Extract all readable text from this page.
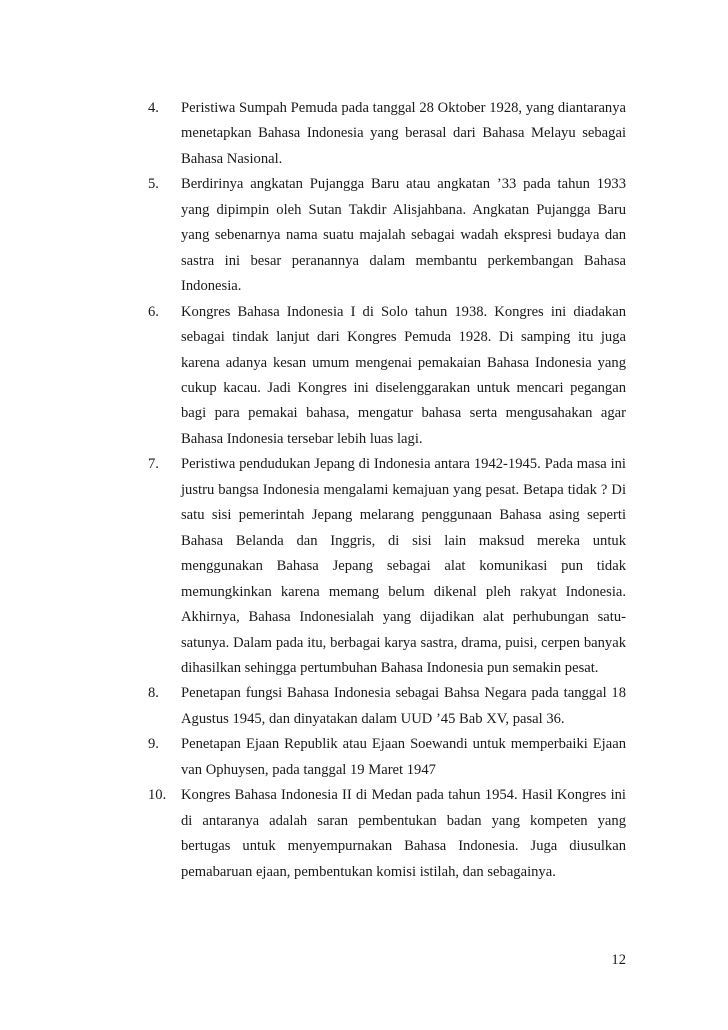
4. Peristiwa Sumpah Pemuda pada tanggal 28 Oktober 1928, yang diantaranya menetapkan Bahasa Indonesia yang berasal dari Bahasa Melayu sebagai Bahasa Nasional.
5. Berdirinya angkatan Pujangga Baru atau angkatan ’33 pada tahun 1933 yang dipimpin oleh Sutan Takdir Alisjahbana. Angkatan Pujangga Baru yang sebenarnya nama suatu majalah sebagai wadah ekspresi budaya dan sastra ini besar peranannya dalam membantu perkembangan Bahasa Indonesia.
6. Kongres Bahasa Indonesia I di Solo tahun 1938. Kongres ini diadakan sebagai tindak lanjut dari Kongres Pemuda 1928. Di samping itu juga karena adanya kesan umum mengenai pemakaian Bahasa Indonesia yang cukup kacau. Jadi Kongres ini diselenggarakan untuk mencari pegangan bagi para pemakai bahasa, mengatur bahasa serta mengusahakan agar Bahasa Indonesia tersebar lebih luas lagi.
7. Peristiwa pendudukan Jepang di Indonesia antara 1942-1945. Pada masa ini justru bangsa Indonesia mengalami kemajuan yang pesat. Betapa tidak ? Di satu sisi pemerintah Jepang melarang penggunaan Bahasa asing seperti Bahasa Belanda dan Inggris, di sisi lain maksud mereka untuk menggunakan Bahasa Jepang sebagai alat komunikasi pun tidak memungkinkan karena memang belum dikenal pleh rakyat Indonesia. Akhirnya, Bahasa Indonesialah yang dijadikan alat perhubungan satu-satunya. Dalam pada itu, berbagai karya sastra, drama, puisi, cerpen banyak dihasilkan sehingga pertumbuhan Bahasa Indonesia pun semakin pesat.
8. Penetapan fungsi Bahasa Indonesia sebagai Bahsa Negara pada tanggal 18 Agustus 1945, dan dinyatakan dalam UUD ’45 Bab XV, pasal 36.
9. Penetapan Ejaan Republik atau Ejaan Soewandi untuk memperbaiki Ejaan van Ophuysen, pada tanggal 19 Maret 1947
10. Kongres Bahasa Indonesia II di Medan pada tahun 1954. Hasil Kongres ini di antaranya adalah saran pembentukan badan yang kompeten yang bertugas untuk menyempurnakan Bahasa Indonesia. Juga diusulkan pemabaruan ejaan, pembentukan komisi istilah, dan sebagainya.
12
